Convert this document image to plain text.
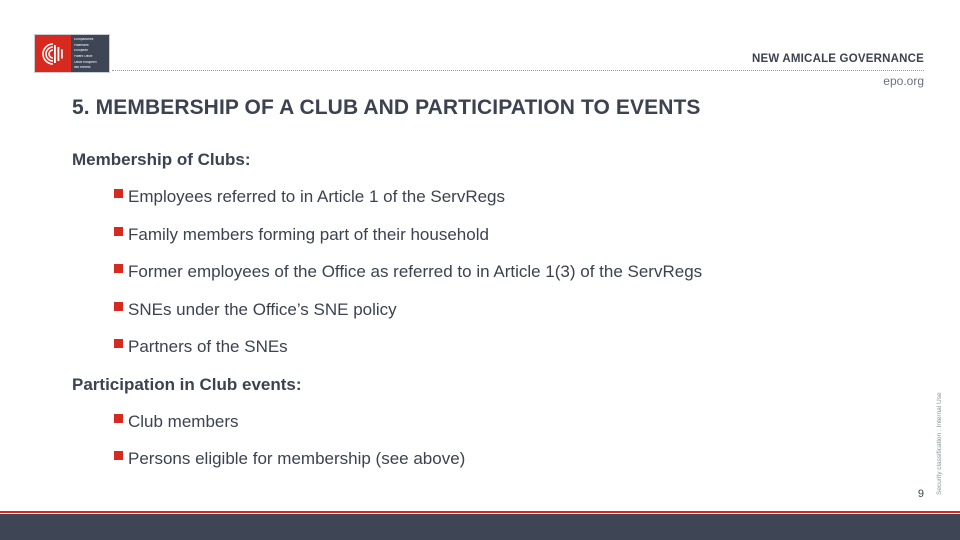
Europäisches
Patentamt
European
Patent Office
Office européen
des brevets
NEW AMICALE GOVERNANCE
epo.org
5. MEMBERSHIP OF A CLUB AND PARTICIPATION TO EVENTS
Membership of Clubs:
Employees referred to in Article 1 of the ServRegs
Family members forming part of their household
Former employees of the Office as referred to in Article 1(3) of the ServRegs
SNEs under the Office’s SNE policy
Partners of the SNEs
Participation in Club events:
Club members
Persons eligible for membership (see above)	Security classification : Internal Use
9
